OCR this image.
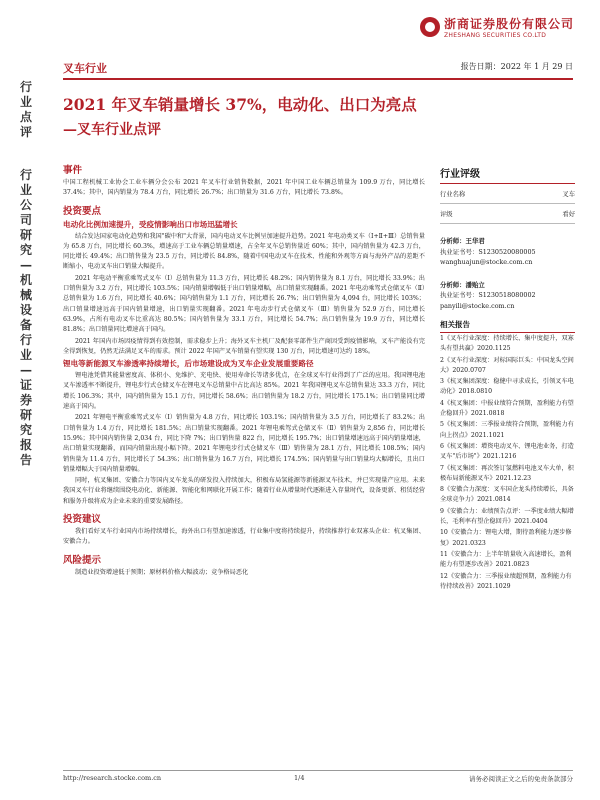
浙商证券股份有限公司
ZHESHANG SECURITIES CO.LTD
叉车行业	报告日期：2022 年 1 月 29 日
行业点评
行业公司研究—机械设备行业—证券研究报告
2021 年叉车销量增长 37%，电动化、出口为亮点
—叉车行业点评
事件
中国工程机械工业协会工业车辆分会公布 2021 年叉车行业销售数据，2021 年中国工业车辆总销量为 109.9 万台，同比增长 37.4%；其中，国内销量为 78.4 万台，同比增长 26.7%；出口销量为 31.6 万台，同比增长 73.8%。
投资要点
电动化比例加速提升，受疫情影响出口市场迅猛增长
结合发达国家电动化趋势和我国"碳中和"大背景，国内电动叉车比例呈加速提升趋势。2021 年电动类叉车（Ⅰ+Ⅱ+Ⅲ）总销售量为 65.8 万台，同比增长 60.3%，增速高于工业车辆总销量增速，占全年叉车总销售量近 60%；其中，国内销售量为 42.3 万台，同比增长 49.4%；出口销售量为 23.5 万台，同比增长 84.8%，随着中国电动叉车在技术、性能和外观等方面与海外产品的差距不断缩小，电动叉车出口销量大幅提升。
2021 年电动平衡重乘驾式叉车（Ⅰ）总销售量为 11.3 万台，同比增长 48.2%；国内销售量为 8.1 万台，同比增长 33.9%；出口销售量为 3.2 万台，同比增长 103.5%；国内销量增幅低于出口销量增幅，出口销量实现翻番。2021 年电动乘驾式仓储叉车（Ⅱ）总销售量为 1.6 万台，同比增长 40.6%；国内销售量为 1.1 万台，同比增长 26.7%；出口销售量为 4,094 台，同比增长 103%；出口销量增速远高于国内销量增速，出口销量实现翻番。2021 年电动步行式仓储叉车（Ⅲ）销售量为 52.9 万台，同比增长 63.9%，占所有电动叉车比重高达 80.5%；国内销售量为 33.1 万台，同比增长 54.7%；出口销售量为 19.9 万台，同比增长 81.8%；出口销量同比增速高于国内。
2021 年国内市场因疫情得到有效控制，需求稳步上升；海外叉车主机厂及配套零部件生产商因受到疫情影响，叉车产能没有完全得到恢复，仍然无法满足叉车的需求。预计 2022 年国产叉车销量有望实现 130 万台，同比增速可达约 18%。
锂电等新能源叉车渗透率持续增长，后市场建设成为叉车企业发展重要路径
锂电池凭借其能量密度高、体积小、免维护、充电快、使用寿命长等诸多优点，在全球叉车行业得到了广泛的应用。我国锂电池叉车渗透率不断提升，锂电步行式仓储叉车在锂电叉车总销量中占比高达 85%。2021 年我国锂电叉车总销售量达 33.3 万台，同比增长 106.3%；其中，国内销售量为 15.1 万台，同比增长 58.6%；出口销售量为 18.2 万台，同比增长 175.1%；出口销量同比增速高于国内。
2021 年锂电平衡重乘驾式叉车（Ⅰ）销售量为 4.8 万台，同比增长 103.1%；国内销售量为 3.5 万台，同比增长了 83.2%；出口销售量为 1.4 万台，同比增长 181.5%；出口销量实现翻番。2021 年锂电乘驾式仓储叉车（Ⅱ）销售量为 2,856 台，同比增长 15.9%；其中国内销售量 2,034 台，同比下降 7%；出口销售量 822 台，同比增长 195.7%；出口销量增速远高于国内销量增速，出口销量实现翻番，而国内销量出现小幅下降。2021 年锂电步行式仓储叉车（Ⅲ）销售量为 28.1 万台，同比增长 108.5%；国内销售量为 11.4 万台，同比增长了 54.3%；出口销售量为 16.7 万台，同比增长 174.5%；国内销量与出口销量均大幅增长，且出口销量增幅大于国内销量增幅。
同时，杭叉集团、安徽合力等国内叉车龙头的研发投入持续加大，积极布局氢能源等新能源叉车技术，并已实现量产应用。未来我国叉车行业将继续围绕电动化、新能源、智能化和网联化开展工作；随着行业从增量时代逐渐进入存量时代，设备更新、租赁经营和服务升级将成为企业未来的重要发展路径。
投资建议
我们看好叉车行业国内市场持续增长，海外出口有望加速渗透，行业集中度将持续提升，持续推荐行业双寡头企业：杭叉集团、安徽合力。
风险提示
制造业投资增速低于预期；原材料价格大幅波动；竞争格局恶化
行业评级
行业名称	叉车
评级	看好
分析师：王华君
执业证书号：S1230520080005
wanghuajun@stocke.com.cn
分析师：潘贻立
执业证书号：S1230518080002
panyili@stocke.com.cn
相关报告
1《叉车行业深度：持续增长、集中度提升，双寡头有望共赢》2020.1125
2《叉车行业深度：对标国际巨头：中国龙头空间大》2020.0707
3《杭叉集团深度：稳健中寻求成长，引领叉车电动化》2018.0810
4《杭叉集团：中报业绩符合预期，盈利能力有望企稳回升》2021.0818
5《杭叉集团：三季报业绩符合预期，盈利能力有向上拐点》2021.1021
6《杭叉集团：增资电动叉车、锂电池业务，打造叉车"后市场"》2021.1216
7《杭叉集团：再次签订氢燃料电池叉车大单，积极布局新能源叉车》2021.12.23
8《安徽合力深度：叉车国企龙头持续增长，具备全球竞争力》2021.0814
9《安徽合力：业绩预告点评：一季度业绩大幅增长，毛利率有望企稳回升》2021.0404
10《安徽合力：锂电大增，期待盈利能力逐步修复》2021.0323
11《安徽合力：上半年销量收入高速增长，盈利能力有望逐步改善》2021.0823
12《安徽合力：三季报业绩超预期，盈利能力有待持续改善》2021.1029
http://research.stocke.com.cn	1/4	请务必阅读正文之后的免责条款部分
